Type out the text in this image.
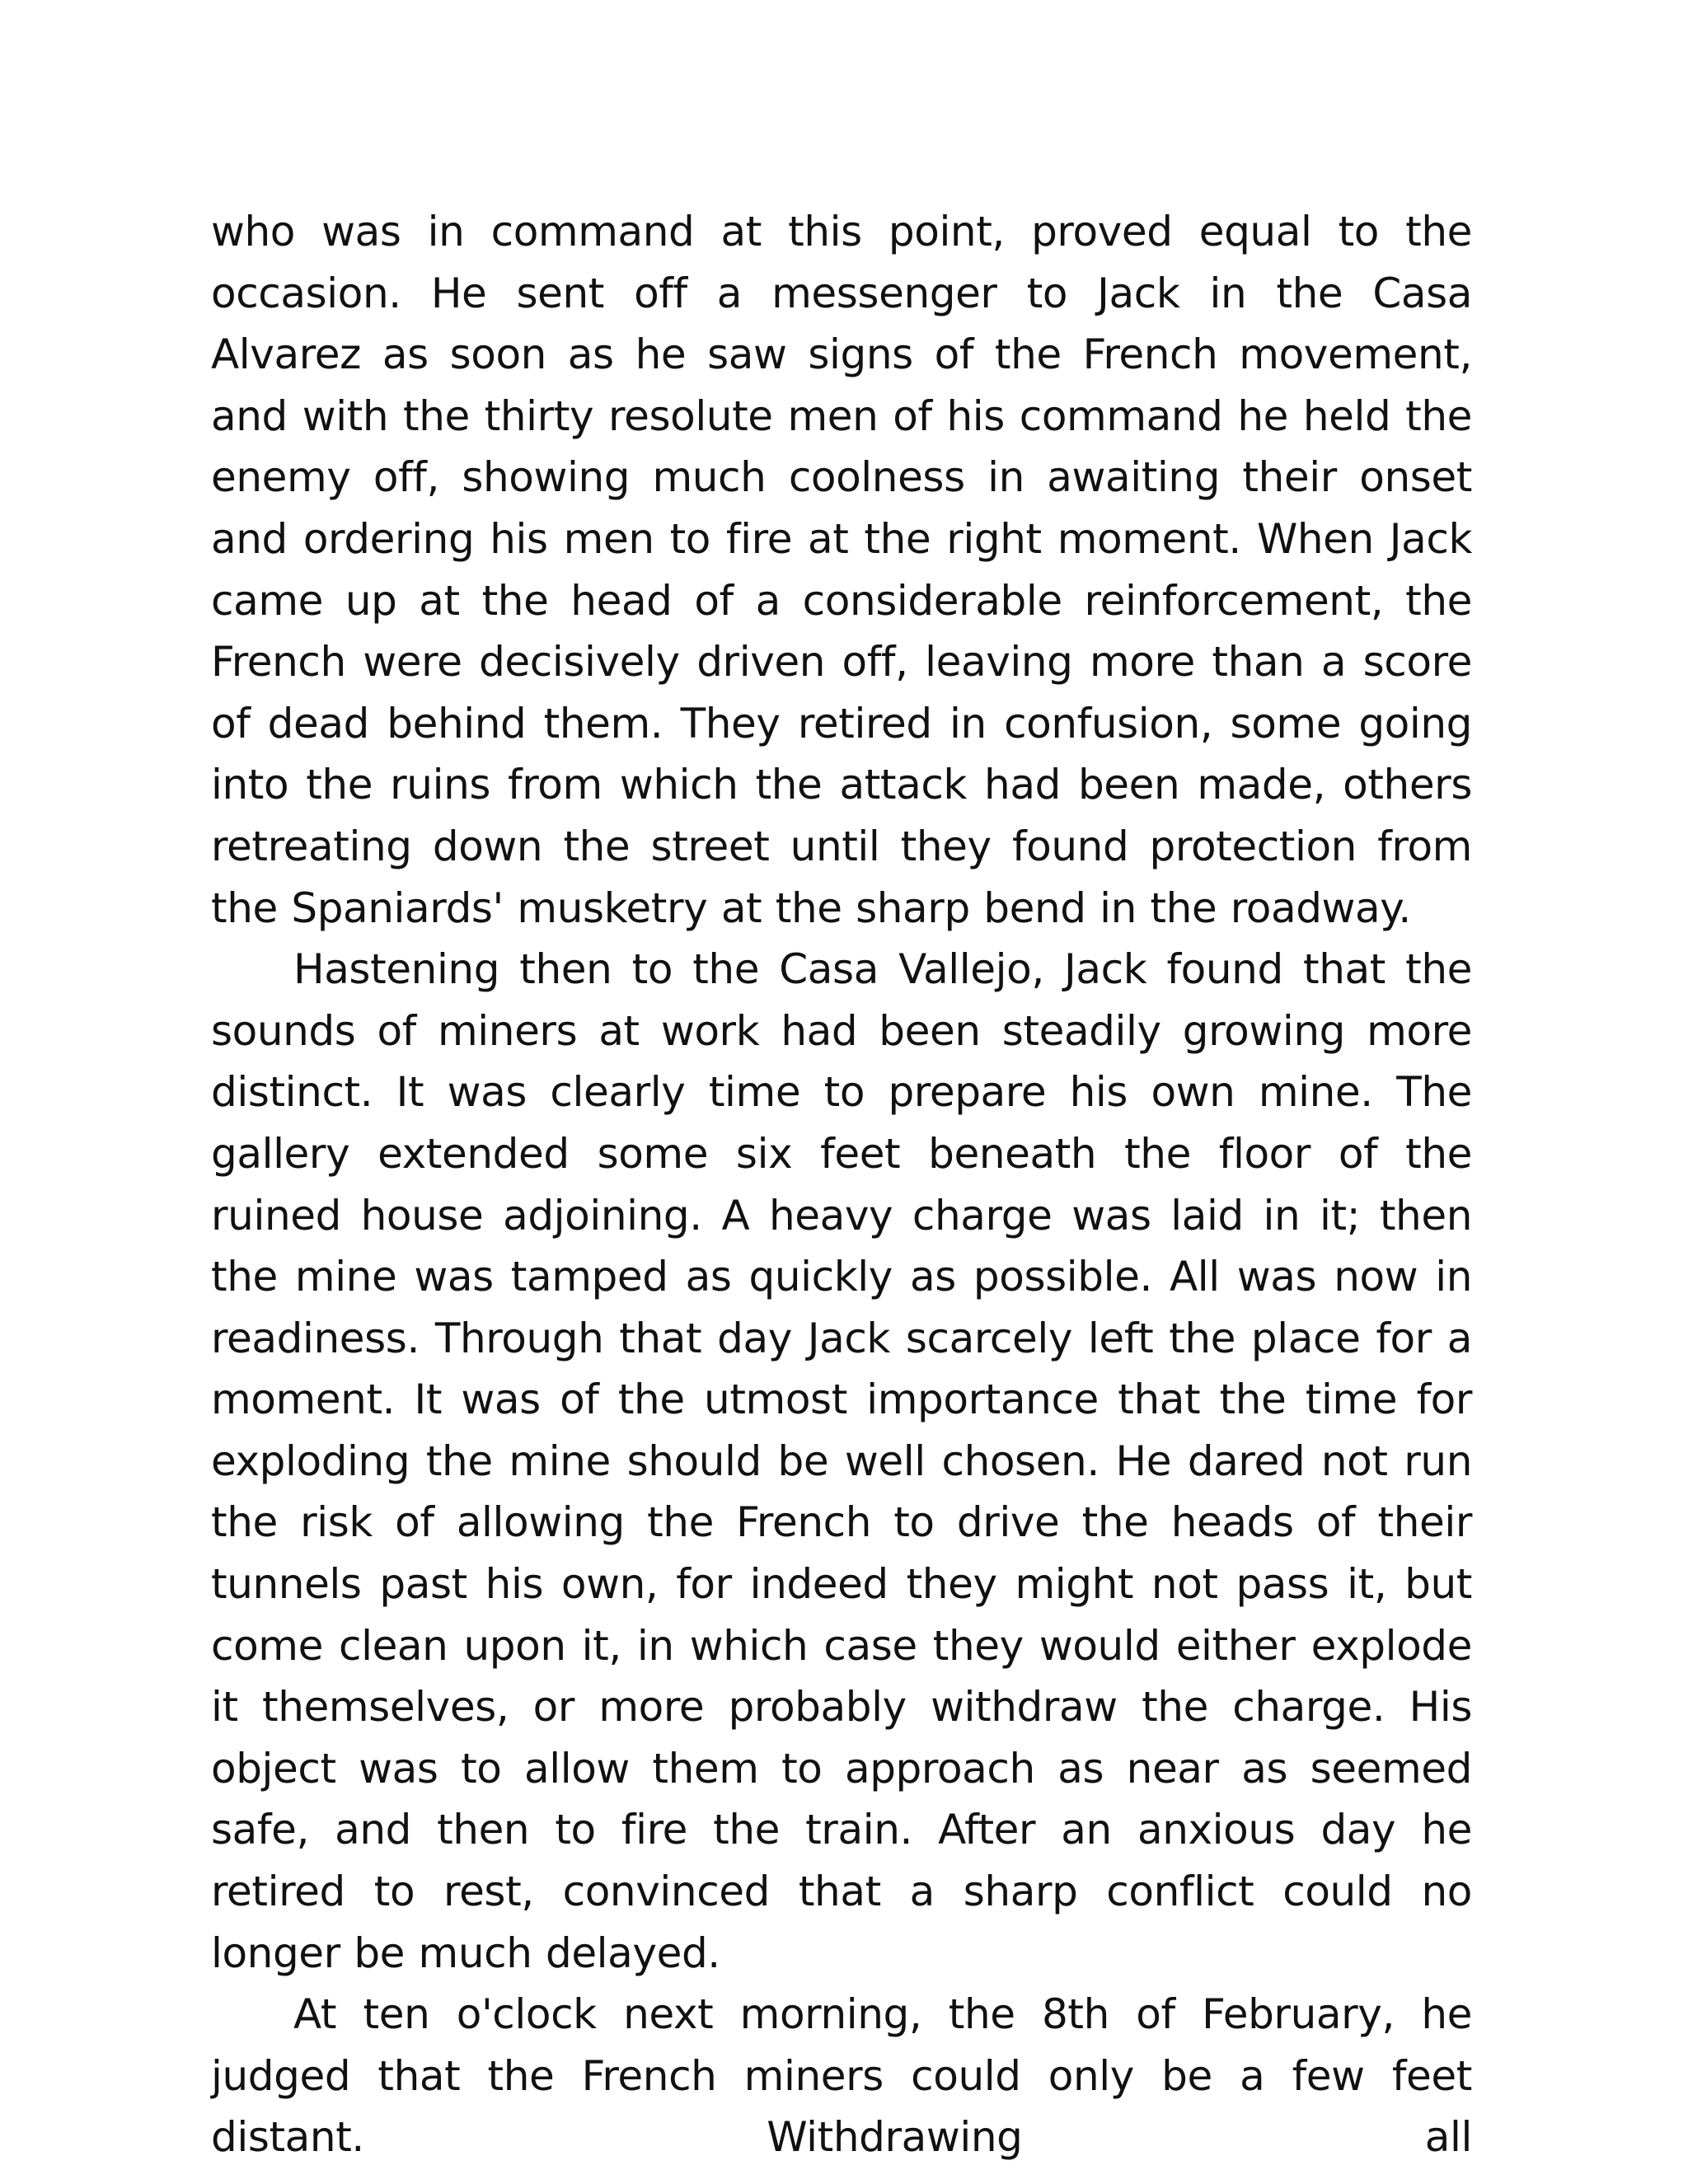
who was in command at this point, proved equal to the occasion. He sent off a messenger to Jack in the Casa Alvarez as soon as he saw signs of the French movement, and with the thirty resolute men of his command he held the enemy off, showing much coolness in awaiting their onset and ordering his men to fire at the right moment. When Jack came up at the head of a considerable reinforcement, the French were decisively driven off, leaving more than a score of dead behind them. They retired in confusion, some going into the ruins from which the attack had been made, others retreating down the street until they found protection from the Spaniards' musketry at the sharp bend in the roadway.

Hastening then to the Casa Vallejo, Jack found that the sounds of miners at work had been steadily growing more distinct. It was clearly time to prepare his own mine. The gallery extended some six feet beneath the floor of the ruined house adjoining. A heavy charge was laid in it; then the mine was tamped as quickly as possible. All was now in readiness. Through that day Jack scarcely left the place for a moment. It was of the utmost importance that the time for exploding the mine should be well chosen. He dared not run the risk of allowing the French to drive the heads of their tunnels past his own, for indeed they might not pass it, but come clean upon it, in which case they would either explode it themselves, or more probably withdraw the charge. His object was to allow them to approach as near as seemed safe, and then to fire the train. After an anxious day he retired to rest, convinced that a sharp conflict could no longer be much delayed.

At ten o'clock next morning, the 8th of February, he judged that the French miners could only be a few feet distant. Withdrawing all
